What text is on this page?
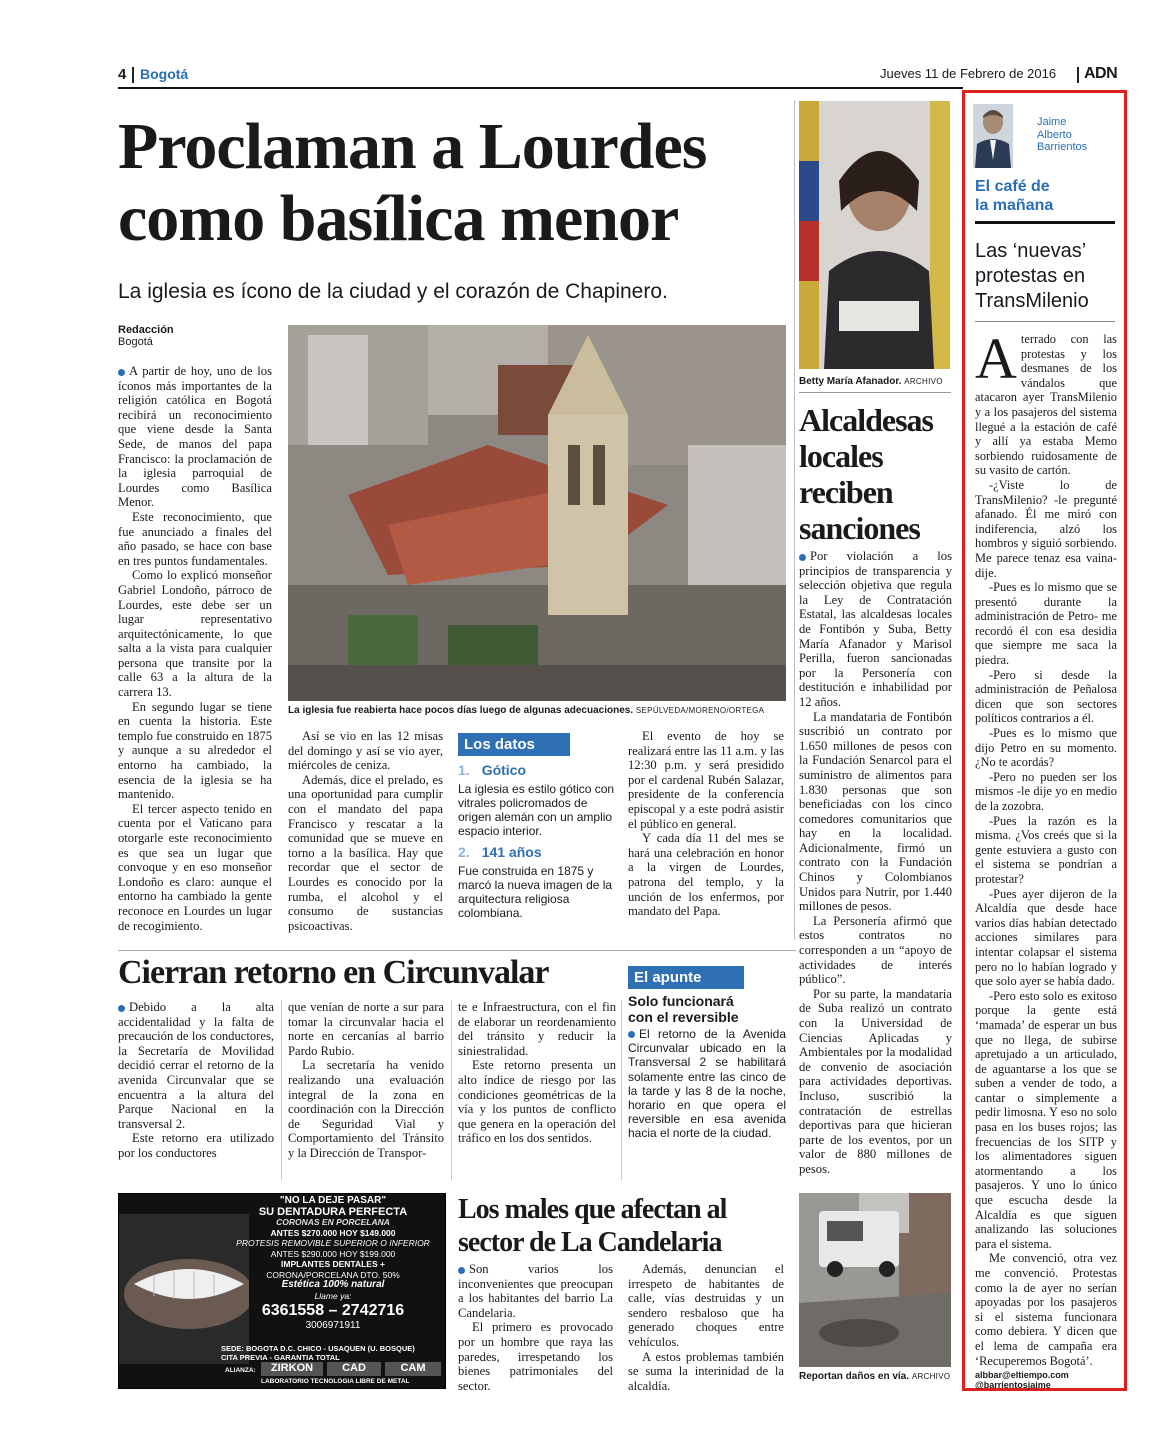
4 Bogotá	Jueves 11 de Febrero de 2016 ADN
Proclaman a Lourdes
como basílica menor
La iglesia es ícono de la ciudad y el corazón de Chapinero.
Redacción
Bogotá
La iglesia fue reabierta hace pocos días luego de algunas adecuaciones. SEPÚLVEDA/MORENO/ORTEGA

A partir de hoy, uno de los íconos más importantes de la religión católica en Bogotá recibirá un reconocimiento que viene desde la Santa Sede, de manos del papa Francisco: la proclamación de la iglesia parroquial de Lourdes como Basílica Menor.

Este reconocimiento, que fue anunciado a finales del año pasado, se hace con base en tres puntos fundamentales.

Como lo explicó monseñor Gabriel Londoño, párroco de Lourdes, este debe ser un lugar representativo arquitectónicamente, lo que salta a la vista para cualquier persona que transite por la calle 63 a la altura de la carrera 13.

En segundo lugar se tiene en cuenta la historia. Este templo fue construido en 1875 y aunque a su alrededor el entorno ha cambiado, la esencia de la iglesia se ha mantenido.

El tercer aspecto tenido en cuenta por el Vaticano para otorgarle este reconocimiento es que sea un lugar que convoque y en eso monseñor Londoño es claro: aunque el entorno ha cambiado la gente reconoce en Lourdes un lugar de recogimiento.

Así se vio en las 12 misas del domingo y así se vio ayer, miércoles de ceniza.

Además, dice el prelado, es una oportunidad para cumplir con el mandato del papa Francisco y rescatar a la comunidad que se mueve en torno a la basílica. Hay que recordar que el sector de Lourdes es conocido por la rumba, el alcohol y el consumo de sustancias psicoactivas.

Los datos
1. Gótico
La iglesia es estilo gótico con vitrales policromados de origen alemán con un amplio espacio interior.
2. 141 años
Fue construida en 1875 y marcó la nueva imagen de la arquitectura religiosa colombiana.

El evento de hoy se realizará entre las 11 a.m. y las 12:30 p.m. y será presidido por el cardenal Rubén Salazar, presidente de la conferencia episcopal y a este podrá asistir el público en general.

Y cada día 11 del mes se hará una celebración en honor a la virgen de Lourdes, patrona del templo, y la unción de los enfermos, por mandato del Papa.

Betty María Afanador. ARCHIVO
Alcaldesas
locales
reciben
sanciones

Por violación a los principios de transparencia y selección objetiva que regula la Ley de Contratación Estatal, las alcaldesas locales de Fontibón y Suba, Betty María Afanador y Marisol Perilla, fueron sancionadas por la Personería con destitución e inhabilidad por 12 años.

La mandataria de Fontibón suscribió un contrato por 1.650 millones de pesos con la Fundación Senarcol para el suministro de alimentos para 1.830 personas que son beneficiadas con los cinco comedores comunitarios que hay en la localidad. Adicionalmente, firmó un contrato con la Fundación Chinos y Colombianos Unidos para Nutrir, por 1.440 millones de pesos.

La Personería afirmó que estos contratos no corresponden a un “apoyo de actividades de interés público”.

Por su parte, la mandataria de Suba realizó un contrato con la Universidad de Ciencias Aplicadas y Ambientales por la modalidad de convenio de asociación para actividades deportivas. Incluso, suscribió la contratación de estrellas deportivas para que hicieran parte de los eventos, por un valor de 880 millones de pesos.

Cierran retorno en Circunvalar

Debido a la alta accidentalidad y la falta de precaución de los conductores, la Secretaría de Movilidad decidió cerrar el retorno de la avenida Circunvalar que se encuentra a la altura del Parque Nacional en la transversal 2.

Este retorno era utilizado por los conductores

que venían de norte a sur para tomar la circunvalar hacia el norte en cercanías al barrio Pardo Rubio.

La secretaría ha venido realizando una evaluación integral de la zona en coordinación con la Dirección de Seguridad Vial y Comportamiento del Tránsito y la Dirección de Transpor-

te e Infraestructura, con el fin de elaborar un reordenamiento del tránsito y reducir la siniestralidad.

Este retorno presenta un alto índice de riesgo por las condiciones geométricas de la vía y los puntos de conflicto que genera en la operación del tráfico en los dos sentidos.

El apunte
Solo funcionará
con el reversible
El retorno de la Avenida Circunvalar ubicado en la Transversal 2 se habilitará solamente entre las cinco de la tarde y las 8 de la noche, horario en que opera el reversible en esa avenida hacia el norte de la ciudad.
"NO LA DEJE PASAR"
SU DENTADURA PERFECTA
CORONAS EN PORCELANA
ANTES $270.000 HOY $149.000
PROTESIS REMOVIBLE SUPERIOR O INFERIOR
ANTES $290.000 HOY $199.000
IMPLANTES DENTALES +
CORONA/PORCELANA DTO. 50%
Estética 100% natural
Llame ya:
6361558 – 2742716
3006971911
SEDE: BOGOTA D.C. CHICO - USAQUEN (U. BOSQUE)
CITA PREVIA - GARANTIA TOTAL
ALIANZA:	ZIRKON	CAD	CAM
LABORATORIO TECNOLOGIA LIBRE DE METAL
Los males que afectan al
sector de La Candelaria

Son varios los inconvenientes que preocupan a los habitantes del barrio La Candelaria.

El primero es provocado por un hombre que raya las paredes, irrespetando los bienes patrimoniales del sector.

Además, denuncian el irrespeto de habitantes de calle, vías destruidas y un sendero resbaloso que ha generado choques entre vehículos.

A estos problemas también se suma la interinidad de la alcaldía.

Reportan daños en vía. ARCHIVO
Jaime
Alberto
Barrientos
El café de
la mañana
Las ‘nuevas’
protestas en
TransMilenio

Aterrado con las protestas y los desmanes de los vándalos que atacaron ayer TransMilenio y a los pasajeros del sistema llegué a la estación de café y allí ya estaba Memo sorbiendo ruidosamente de su vasito de cartón.

-¿Viste lo de TransMilenio? -le pregunté afanado. Él me miró con indiferencia, alzó los hombros y siguió sorbiendo. Me parece tenaz esa vaina- dije.

-Pues es lo mismo que se presentó durante la administración de Petro- me recordó él con esa desidia que siempre me saca la piedra.

-Pero si desde la administración de Peñalosa dicen que son sectores políticos contrarios a él.

-Pues es lo mismo que dijo Petro en su momento. ¿No te acordás?

-Pero no pueden ser los mismos -le dije yo en medio de la zozobra.

-Pues la razón es la misma. ¿Vos creés que si la gente estuviera a gusto con el sistema se pondrían a protestar?

-Pues ayer dijeron de la Alcaldía que desde hace varios días habían detectado acciones similares para intentar colapsar el sistema pero no lo habían logrado y que solo ayer se había dado.

-Pero esto solo es exitoso porque la gente está ‘mamada’ de esperar un bus que no llega, de subirse apretujado a un articulado, de aguantarse a los que se suben a vender de todo, a cantar o simplemente a pedir limosna. Y eso no solo pasa en los buses rojos; las frecuencias de los SITP y los alimentadores siguen atormentando a los pasajeros. Y uno lo único que escucha desde la Alcaldía es que siguen analizando las soluciones para el sistema.

Me convenció, otra vez me convenció. Protestas como la de ayer no serían apoyadas por los pasajeros si el sistema funcionara como debiera. Y dicen que el lema de campaña era ‘Recuperemos Bogotá’.

albbar@eltiempo.com
@barrientosjaime
